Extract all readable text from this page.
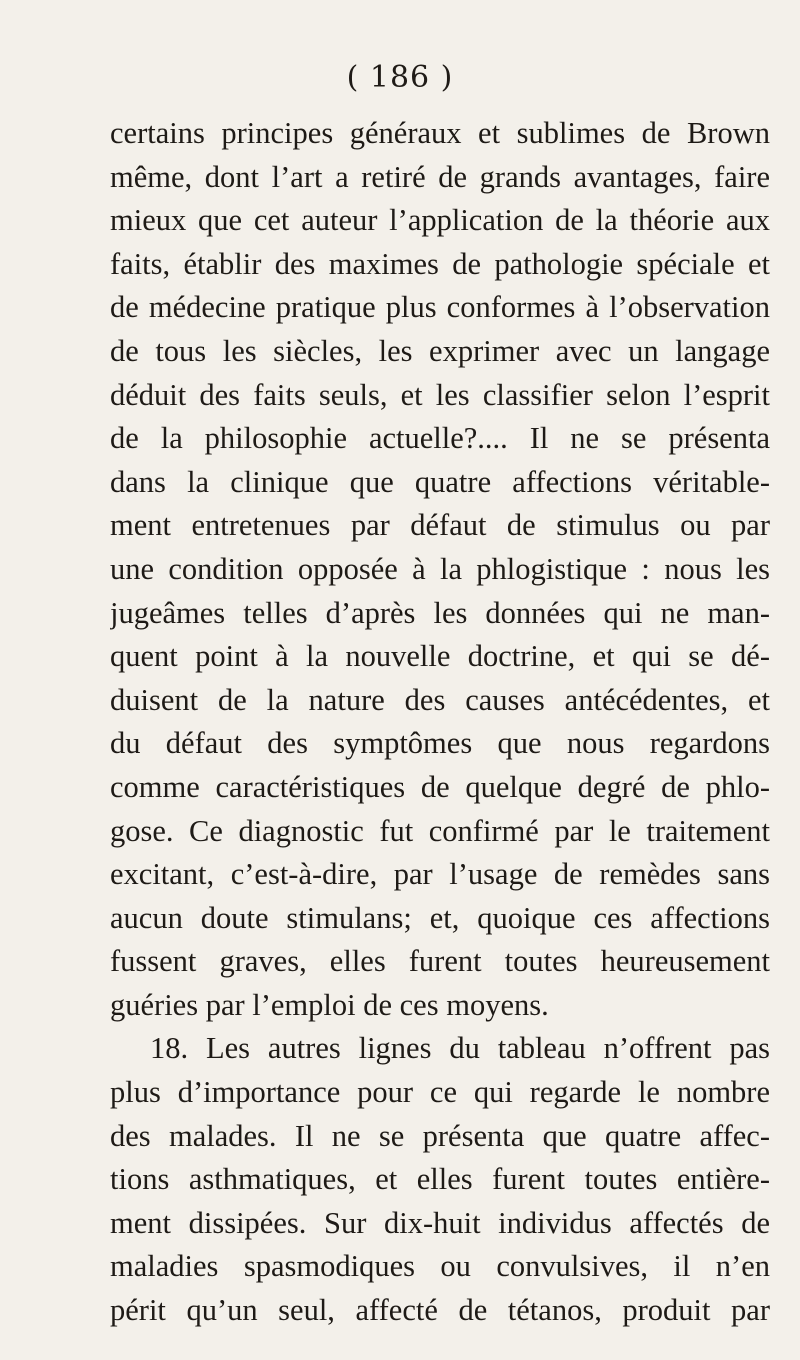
( 186 )
certains principes généraux et sublimes de Brown
même, dont l’art a retiré de grands avantages, faire
mieux que cet auteur l’application de la théorie aux
faits, établir des maximes de pathologie spéciale et
de médecine pratique plus conformes à l’observation
de tous les siècles, les exprimer avec un langage
déduit des faits seuls, et les classifier selon l’esprit
de la philosophie actuelle?.... Il ne se présenta
dans la clinique que quatre affections véritable-
ment entretenues par défaut de stimulus ou par
une condition opposée à la phlogistique : nous les
jugeâmes telles d’après les données qui ne man-
quent point à la nouvelle doctrine, et qui se dé-
duisent de la nature des causes antécédentes, et
du défaut des symptômes que nous regardons
comme caractéristiques de quelque degré de phlo-
gose. Ce diagnostic fut confirmé par le traitement
excitant, c’est-à-dire, par l’usage de remèdes sans
aucun doute stimulans; et, quoique ces affections
fussent graves, elles furent toutes heureusement
guéries par l’emploi de ces moyens.
18. Les autres lignes du tableau n’offrent pas
plus d’importance pour ce qui regarde le nombre
des malades. Il ne se présenta que quatre affec-
tions asthmatiques, et elles furent toutes entière-
ment dissipées. Sur dix-huit individus affectés de
maladies spasmodiques ou convulsives, il n’en
périt qu’un seul, affecté de tétanos, produit par
